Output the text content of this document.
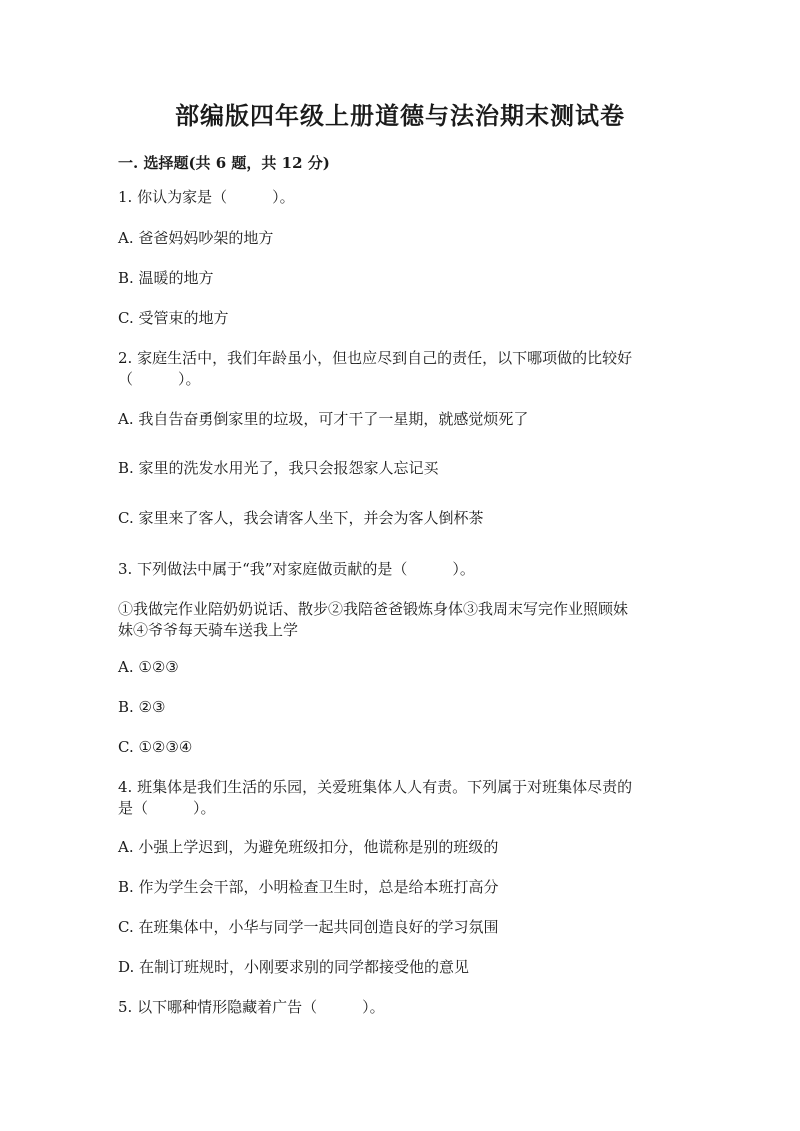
部编版四年级上册道德与法治期末测试卷
一. 选择题(共 6 题，共 12 分)
1. 你认为家是（　　　）。
A. 爸爸妈妈吵架的地方
B. 温暖的地方
C. 受管束的地方
2. 家庭生活中，我们年龄虽小，但也应尽到自己的责任，以下哪项做的比较好
（　　　）。
A. 我自告奋勇倒家里的垃圾，可才干了一星期，就感觉烦死了
B. 家里的洗发水用光了，我只会报怨家人忘记买
C. 家里来了客人，我会请客人坐下，并会为客人倒杯茶
3. 下列做法中属于“我”对家庭做贡献的是（　　　）。
①我做完作业陪奶奶说话、散步②我陪爸爸锻炼身体③我周末写完作业照顾妹
妹④爷爷每天骑车送我上学
A. ①②③
B. ②③
C. ①②③④
4. 班集体是我们生活的乐园，关爱班集体人人有责。下列属于对班集体尽责的
是（　　　）。
A. 小强上学迟到，为避免班级扣分，他谎称是别的班级的
B. 作为学生会干部，小明检查卫生时，总是给本班打高分
C. 在班集体中，小华与同学一起共同创造良好的学习氛围
D. 在制订班规时，小刚要求别的同学都接受他的意见
5. 以下哪种情形隐藏着广告（　　　）。
